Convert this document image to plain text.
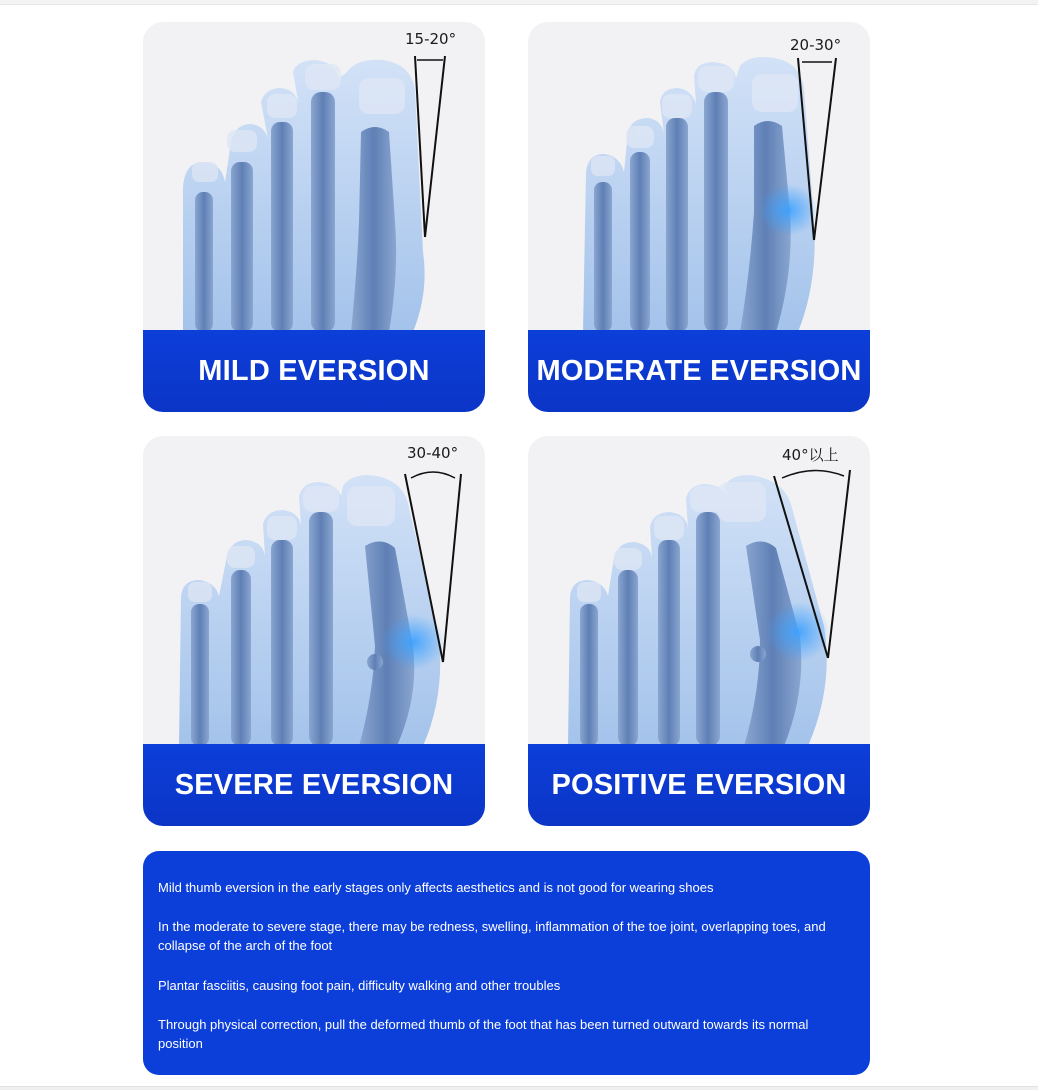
15-20°
MILD EVERSION
20-30°
MODERATE EVERSION
30-40°
SEVERE EVERSION
40°以上
POSITIVE EVERSION

Mild thumb eversion in the early stages only affects aesthetics and is not good for wearing shoes

In the moderate to severe stage, there may be redness, swelling, inflammation of the toe joint, overlapping toes, and collapse of the arch of the foot

Plantar fasciitis, causing foot pain, difficulty walking and other troubles

Through physical correction, pull the deformed thumb of the foot that has been turned outward towards its normal position
